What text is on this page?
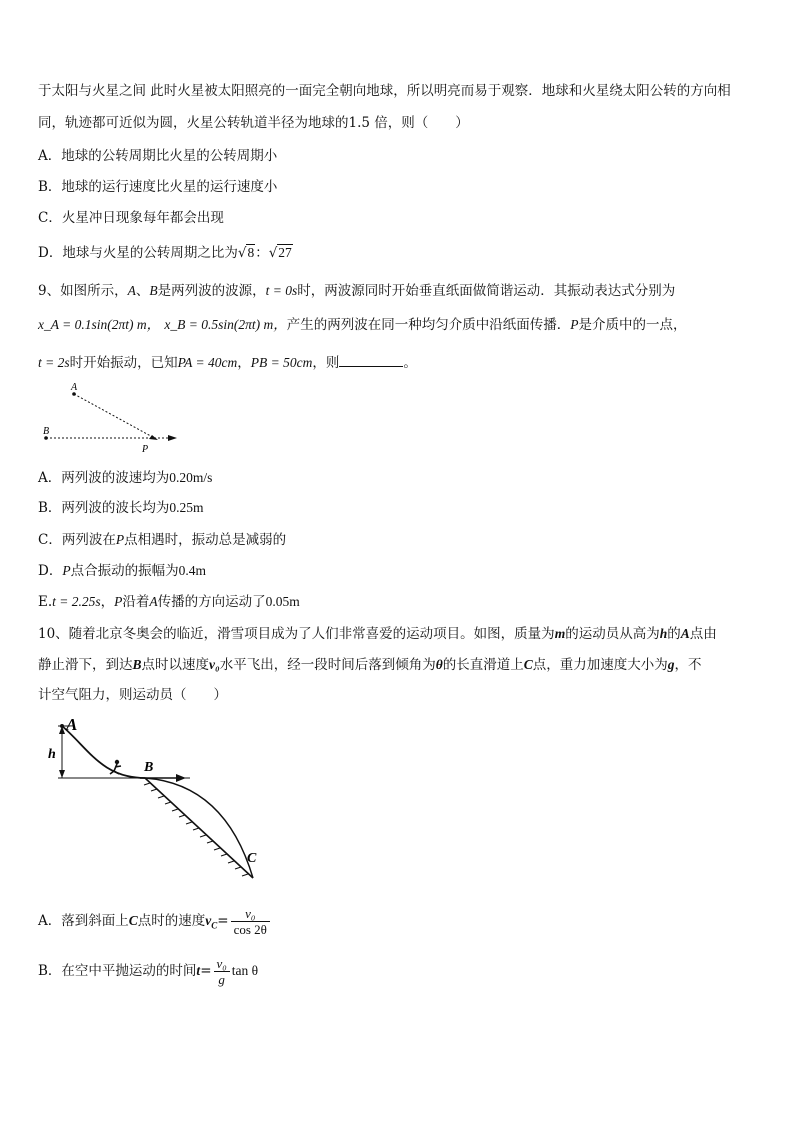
于太阳与火星之间 此时火星被太阳照亮的一面完全朝向地球，所以明亮而易于观察．地球和火星绕太阳公转的方向相
同，轨迹都可近似为圆，火星公转轨道半径为地球的1.5 倍，则（　　）
A．地球的公转周期比火星的公转周期小
B．地球的运行速度比火星的运行速度小
C．火星冲日现象每年都会出现
D．地球与火星的公转周期之比为√8：√27
9、如图所示，A、B是两列波的波源，t = 0s时，两波源同时开始垂直纸面做简谐运动．其振动表达式分别为
x_A = 0.1sin(2πt) m， x_B = 0.5sin(2πt) m，产生的两列波在同一种均匀介质中沿纸面传播．P是介质中的一点，
t = 2s时开始振动，已知PA = 40cm，PB = 50cm，则	。
A
B
P
A．两列波的波速均为0.20m/s
B．两列波的波长均为0.25m
C．两列波在P点相遇时，振动总是减弱的
D．P点合振动的振幅为0.4m
E.t = 2.25s，P沿着A传播的方向运动了0.05m
10、随着北京冬奥会的临近，滑雪项目成为了人们非常喜爱的运动项目。如图，质量为m的运动员从高为h的A点由
静止滑下，到达B点时以速度v₀水平飞出，经一段时间后落到倾角为θ的长直滑道上C点，重力加速度大小为g，不
计空气阻力，则运动员（　　）
A
h
B
C
A．落到斜面上C点时的速度$v_C= \frac{\text{v₀}}{\cos 2\theta}$
B．在空中平抛运动的时间$t= \frac{\text{v₀}}{g}$ tan θ
